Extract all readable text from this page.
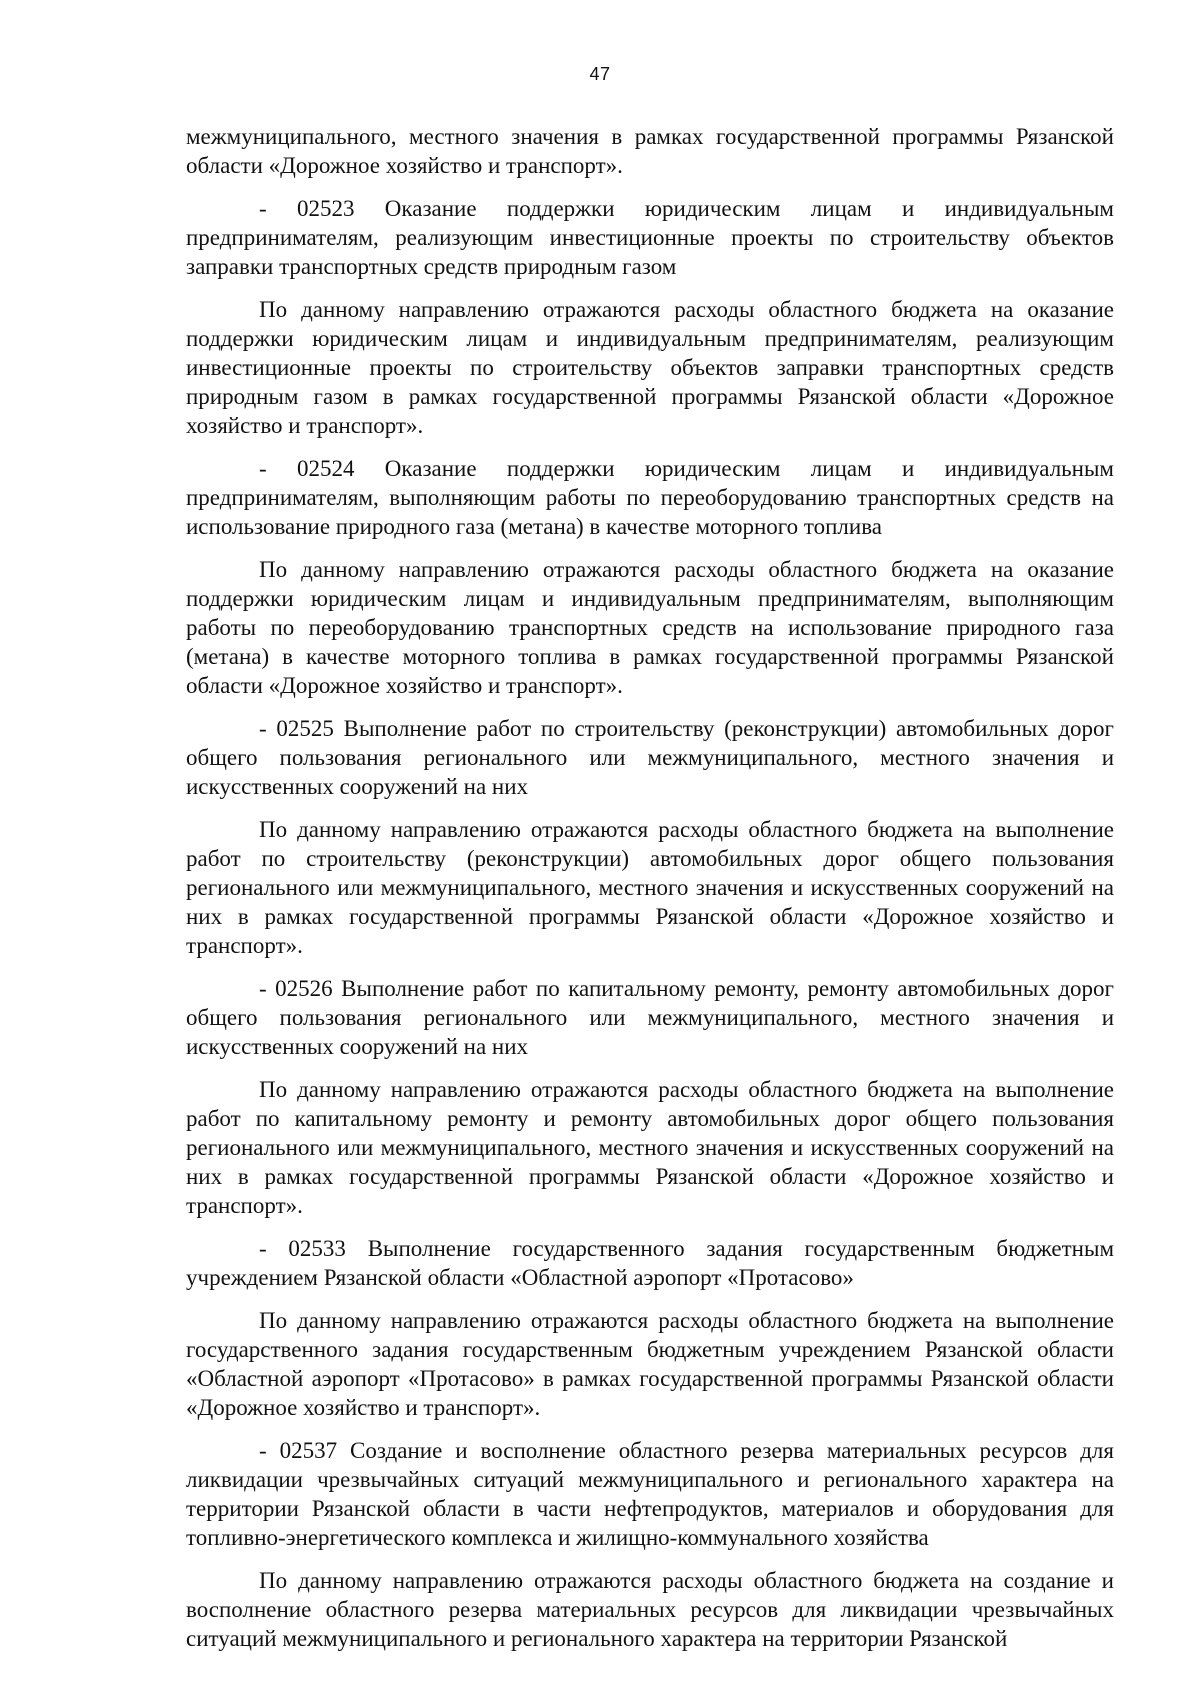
47

межмуниципального, местного значения в рамках государственной программы Рязанской области «Дорожное хозяйство и транспорт».

- 02523 Оказание поддержки юридическим лицам и индивидуальным предпринимателям, реализующим инвестиционные проекты по строительству объектов заправки транспортных средств природным газом

По данному направлению отражаются расходы областного бюджета на оказание поддержки юридическим лицам и индивидуальным предпринимателям, реализующим инвестиционные проекты по строительству объектов заправки транспортных средств природным газом в рамках государственной программы Рязанской области «Дорожное хозяйство и транспорт».

- 02524 Оказание поддержки юридическим лицам и индивидуальным предпринимателям, выполняющим работы по переоборудованию транспортных средств на использование природного газа (метана) в качестве моторного топлива

По данному направлению отражаются расходы областного бюджета на оказание поддержки юридическим лицам и индивидуальным предпринимателям, выполняющим работы по переоборудованию транспортных средств на использование природного газа (метана) в качестве моторного топлива в рамках государственной программы Рязанской области «Дорожное хозяйство и транспорт».

- 02525 Выполнение работ по строительству (реконструкции) автомобильных дорог общего пользования регионального или межмуниципального, местного значения и искусственных сооружений на них

По данному направлению отражаются расходы областного бюджета на выполнение работ по строительству (реконструкции) автомобильных дорог общего пользования регионального или межмуниципального, местного значения и искусственных сооружений на них в рамках государственной программы Рязанской области «Дорожное хозяйство и транспорт».

- 02526 Выполнение работ по капитальному ремонту, ремонту автомобильных дорог общего пользования регионального или межмуниципального, местного значения и искусственных сооружений на них

По данному направлению отражаются расходы областного бюджета на выполнение работ по капитальному ремонту и ремонту автомобильных дорог общего пользования регионального или межмуниципального, местного значения и искусственных сооружений на них в рамках государственной программы Рязанской области «Дорожное хозяйство и транспорт».

- 02533 Выполнение государственного задания государственным бюджетным учреждением Рязанской области «Областной аэропорт «Протасово»

По данному направлению отражаются расходы областного бюджета на выполнение государственного задания государственным бюджетным учреждением Рязанской области «Областной аэропорт «Протасово» в рамках государственной программы Рязанской области «Дорожное хозяйство и транспорт».

- 02537 Создание и восполнение областного резерва материальных ресурсов для ликвидации чрезвычайных ситуаций межмуниципального и регионального характера на территории Рязанской области в части нефтепродуктов, материалов и оборудования для топливно-энергетического комплекса и жилищно-коммунального хозяйства

По данному направлению отражаются расходы областного бюджета на создание и восполнение областного резерва материальных ресурсов для ликвидации чрезвычайных ситуаций межмуниципального и регионального характера на территории Рязанской
